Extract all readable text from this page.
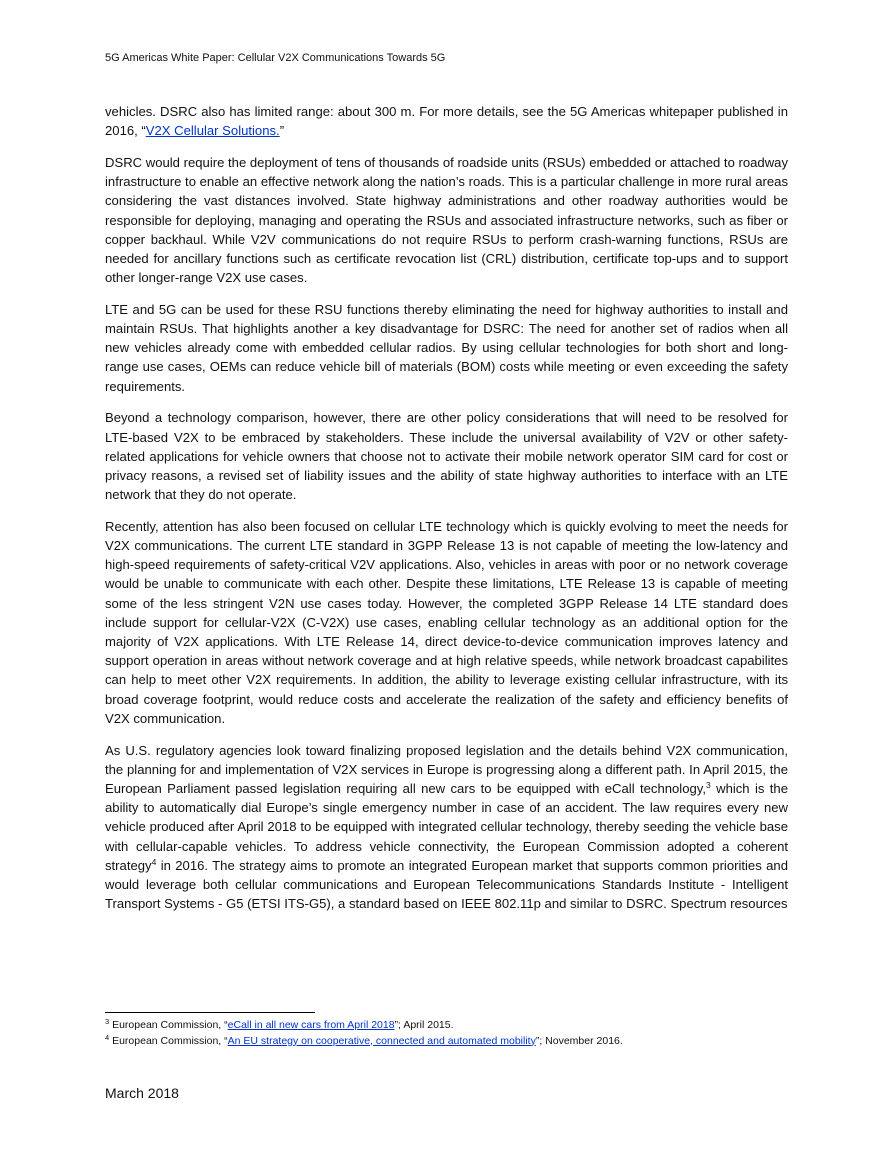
5G Americas White Paper: Cellular V2X Communications Towards 5G

vehicles. DSRC also has limited range: about 300 m. For more details, see the 5G Americas whitepaper published in 2016, “V2X Cellular Solutions.”

DSRC would require the deployment of tens of thousands of roadside units (RSUs) embedded or attached to roadway infrastructure to enable an effective network along the nation’s roads. This is a particular challenge in more rural areas considering the vast distances involved. State highway administrations and other roadway authorities would be responsible for deploying, managing and operating the RSUs and associated infrastructure networks, such as fiber or copper backhaul. While V2V communications do not require RSUs to perform crash-warning functions, RSUs are needed for ancillary functions such as certificate revocation list (CRL) distribution, certificate top-ups and to support other longer-range V2X use cases.

LTE and 5G can be used for these RSU functions thereby eliminating the need for highway authorities to install and maintain RSUs. That highlights another a key disadvantage for DSRC: The need for another set of radios when all new vehicles already come with embedded cellular radios. By using cellular technologies for both short and long-range use cases, OEMs can reduce vehicle bill of materials (BOM) costs while meeting or even exceeding the safety requirements.

Beyond a technology comparison, however, there are other policy considerations that will need to be resolved for LTE-based V2X to be embraced by stakeholders. These include the universal availability of V2V or other safety-related applications for vehicle owners that choose not to activate their mobile network operator SIM card for cost or privacy reasons, a revised set of liability issues and the ability of state highway authorities to interface with an LTE network that they do not operate.

Recently, attention has also been focused on cellular LTE technology which is quickly evolving to meet the needs for V2X communications. The current LTE standard in 3GPP Release 13 is not capable of meeting the low-latency and high-speed requirements of safety-critical V2V applications. Also, vehicles in areas with poor or no network coverage would be unable to communicate with each other. Despite these limitations, LTE Release 13 is capable of meeting some of the less stringent V2N use cases today. However, the completed 3GPP Release 14 LTE standard does include support for cellular-V2X (C-V2X) use cases, enabling cellular technology as an additional option for the majority of V2X applications. With LTE Release 14, direct device-to-device communication improves latency and support operation in areas without network coverage and at high relative speeds, while network broadcast capabilites can help to meet other V2X requirements. In addition, the ability to leverage existing cellular infrastructure, with its broad coverage footprint, would reduce costs and accelerate the realization of the safety and efficiency benefits of V2X communication.

As U.S. regulatory agencies look toward finalizing proposed legislation and the details behind V2X communication, the planning for and implementation of V2X services in Europe is progressing along a different path. In April 2015, the European Parliament passed legislation requiring all new cars to be equipped with eCall technology,$^3$ which is the ability to automatically dial Europe’s single emergency number in case of an accident. The law requires every new vehicle produced after April 2018 to be equipped with integrated cellular technology, thereby seeding the vehicle base with cellular-capable vehicles. To address vehicle connectivity, the European Commission adopted a coherent strategy$^4$ in 2016. The strategy aims to promote an integrated European market that supports common priorities and would leverage both cellular communications and European Telecommunications Standards Institute - Intelligent Transport Systems - G5 (ETSI ITS-G5), a standard based on IEEE 802.11p and similar to DSRC. Spectrum resources

$^3$ European Commission, “eCall in all new cars from April 2018”; April 2015.
$^4$ European Commission, “An EU strategy on cooperative, connected and automated mobility”; November 2016.
March 2018
